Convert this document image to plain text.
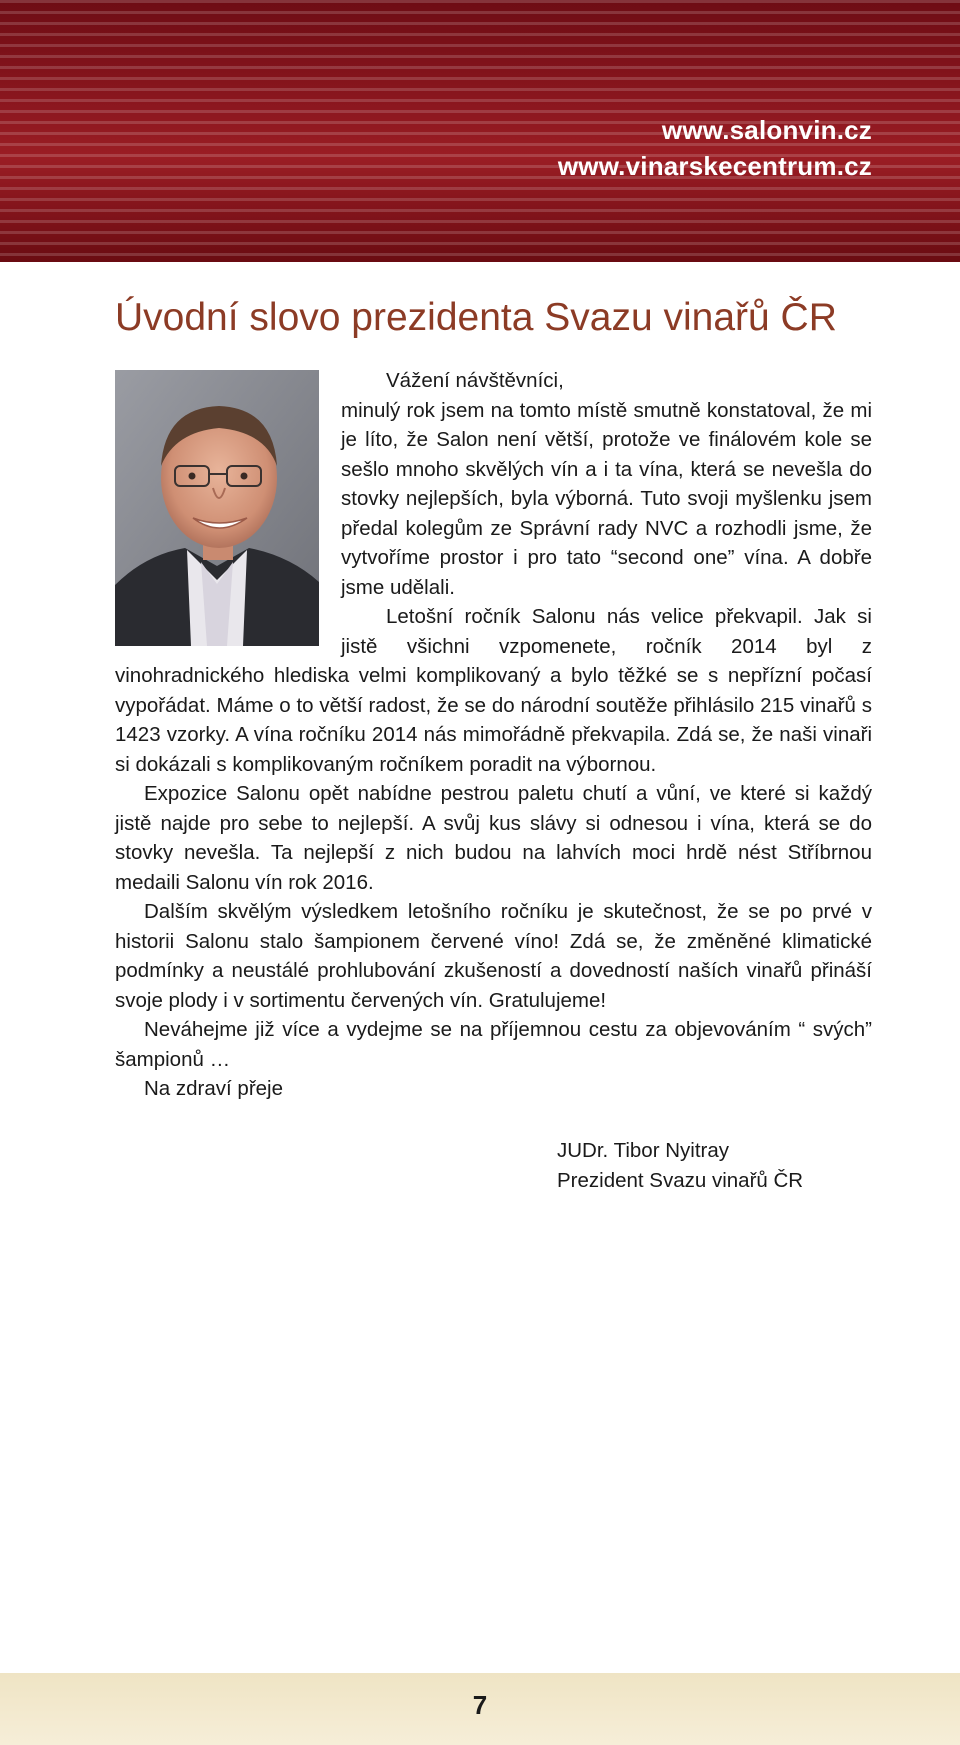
www.salonvin.cz
www.vinarskecentrum.cz
Úvodní slovo prezidenta Svazu vinařů ČR

Vážení návštěvníci,

minulý rok jsem na tomto místě smutně konstatoval, že mi je líto, že Salon není větší, protože ve finálovém kole se sešlo mnoho skvělých vín a i ta vína, která se nevešla do stovky nejlepších, byla výborná. Tuto svoji myšlenku jsem předal kolegům ze Správní rady NVC a rozhodli jsme, že vytvoříme prostor i pro tato “second one” vína. A dobře jsme udělali.

Letošní ročník Salonu nás velice překvapil. Jak si jistě všichni vzpomenete, ročník 2014 byl z vinohradnického hlediska velmi komplikovaný a bylo těžké se s nepřízní počasí vypořádat. Máme o to větší radost, že se do národní soutěže přihlásilo 215 vinařů s 1423 vzorky. A vína ročníku 2014 nás mimořádně překvapila. Zdá se, že naši vinaři si dokázali s komplikovaným ročníkem poradit na výbornou.

Expozice Salonu opět nabídne pestrou paletu chutí a vůní, ve které si každý jistě najde pro sebe to nejlepší. A svůj kus slávy si odnesou i vína, která se do stovky nevešla. Ta nejlepší z nich budou na lahvích moci hrdě nést Stříbrnou medaili Salonu vín rok 2016.

Dalším skvělým výsledkem letošního ročníku je skutečnost, že se po prvé v historii Salonu stalo šampionem červené víno! Zdá se, že změněné klimatické podmínky a neustálé prohlubování zkušeností a dovedností naších vinařů přináší svoje plody i v sortimentu červených vín. Gratulujeme!

Neváhejme již více a vydejme se na příjemnou cestu za objevováním “ svých” šampionů …

Na zdraví přeje

JUDr. Tibor Nyitray
Prezident Svazu vinařů ČR
7
